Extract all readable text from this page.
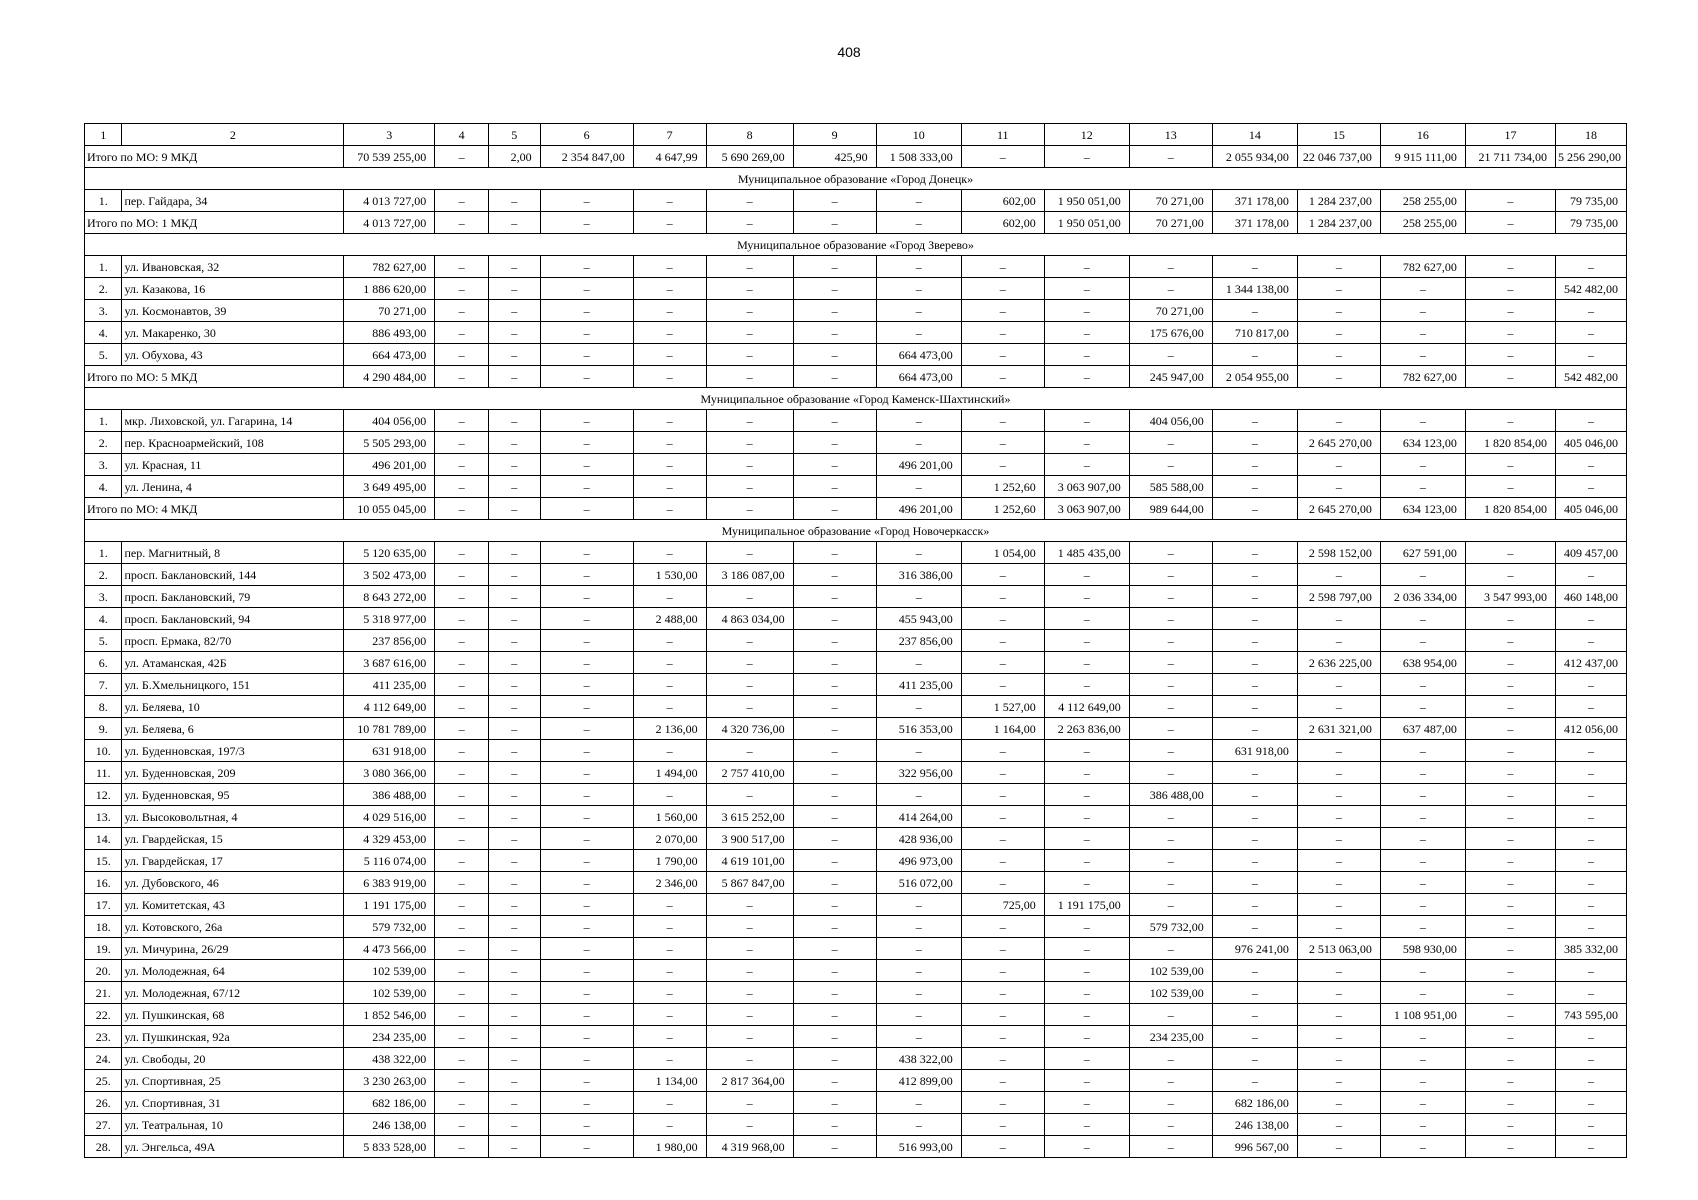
408
1	2	3	4	5	6	7	8	9	10	11	12	13	14	15	16	17	18
Итого по МО: 9 МКД		70 539 255,00	–	2,00	2 354 847,00	4 647,99	5 690 269,00	425,90	1 508 333,00	–	–	–	2 055 934,00	22 046 737,00	9 915 111,00	21 711 734,00	5 256 290,00
Муниципальное образование «Город Донецк»																	
1.	пер. Гайдара, 34	4 013 727,00	–	–	–	–	–	–	–	602,00	1 950 051,00	70 271,00	371 178,00	1 284 237,00	258 255,00	–	79 735,00
Итого по МО: 1 МКД		4 013 727,00	–	–	–	–	–	–	–	602,00	1 950 051,00	70 271,00	371 178,00	1 284 237,00	258 255,00	–	79 735,00
Муниципальное образование «Город Зверево»																	
1.	ул. Ивановская, 32	782 627,00	–	–	–	–	–	–	–	–	–	–	–	–	782 627,00	–	–
2.	ул. Казакова, 16	1 886 620,00	–	–	–	–	–	–	–	–	–	–	1 344 138,00	–	–	–	542 482,00
3.	ул. Космонавтов, 39	70 271,00	–	–	–	–	–	–	–	–	–	70 271,00	–	–	–	–	–
4.	ул. Макаренко, 30	886 493,00	–	–	–	–	–	–	–	–	–	175 676,00	710 817,00	–	–	–	–
5.	ул. Обухова, 43	664 473,00	–	–	–	–	–	–	664 473,00	–	–	–	–	–	–	–	–
Итого по МО: 5 МКД		4 290 484,00	–	–	–	–	–	–	664 473,00	–	–	245 947,00	2 054 955,00	–	782 627,00	–	542 482,00
Муниципальное образование «Город Каменск-Шахтинский»																	
1.	мкр. Лиховской, ул. Гагарина, 14	404 056,00	–	–	–	–	–	–	–	–	–	404 056,00	–	–	–	–	–
2.	пер. Красноармейский, 108	5 505 293,00	–	–	–	–	–	–	–	–	–	–	–	2 645 270,00	634 123,00	1 820 854,00	405 046,00
3.	ул. Красная, 11	496 201,00	–	–	–	–	–	–	496 201,00	–	–	–	–	–	–	–	–
4.	ул. Ленина, 4	3 649 495,00	–	–	–	–	–	–	–	1 252,60	3 063 907,00	585 588,00	–	–	–	–	–
Итого по МО: 4 МКД		10 055 045,00	–	–	–	–	–	–	496 201,00	1 252,60	3 063 907,00	989 644,00	–	2 645 270,00	634 123,00	1 820 854,00	405 046,00
Муниципальное образование «Город Новочеркасск»																	
1.	пер. Магнитный, 8	5 120 635,00	–	–	–	–	–	–	–	1 054,00	1 485 435,00	–	–	2 598 152,00	627 591,00	–	409 457,00
2.	просп. Баклановский, 144	3 502 473,00	–	–	–	1 530,00	3 186 087,00	–	316 386,00	–	–	–	–	–	–	–	–
3.	просп. Баклановский, 79	8 643 272,00	–	–	–	–	–	–	–	–	–	–	–	2 598 797,00	2 036 334,00	3 547 993,00	460 148,00
4.	просп. Баклановский, 94	5 318 977,00	–	–	–	2 488,00	4 863 034,00	–	455 943,00	–	–	–	–	–	–	–	–
5.	просп. Ермака, 82/70	237 856,00	–	–	–	–	–	–	237 856,00	–	–	–	–	–	–	–	–
6.	ул. Атаманская, 42Б	3 687 616,00	–	–	–	–	–	–	–	–	–	–	–	2 636 225,00	638 954,00	–	412 437,00
7.	ул. Б.Хмельницкого, 151	411 235,00	–	–	–	–	–	–	411 235,00	–	–	–	–	–	–	–	–
8.	ул. Беляева, 10	4 112 649,00	–	–	–	–	–	–	–	1 527,00	4 112 649,00	–	–	–	–	–	–
9.	ул. Беляева, 6	10 781 789,00	–	–	–	2 136,00	4 320 736,00	–	516 353,00	1 164,00	2 263 836,00	–	–	2 631 321,00	637 487,00	–	412 056,00
10.	ул. Буденновская, 197/3	631 918,00	–	–	–	–	–	–	–	–	–	–	631 918,00	–	–	–	–
11.	ул. Буденновская, 209	3 080 366,00	–	–	–	1 494,00	2 757 410,00	–	322 956,00	–	–	–	–	–	–	–	–
12.	ул. Буденновская, 95	386 488,00	–	–	–	–	–	–	–	–	–	386 488,00	–	–	–	–	–
13.	ул. Высоковольтная, 4	4 029 516,00	–	–	–	1 560,00	3 615 252,00	–	414 264,00	–	–	–	–	–	–	–	–
14.	ул. Гвардейская, 15	4 329 453,00	–	–	–	2 070,00	3 900 517,00	–	428 936,00	–	–	–	–	–	–	–	–
15.	ул. Гвардейская, 17	5 116 074,00	–	–	–	1 790,00	4 619 101,00	–	496 973,00	–	–	–	–	–	–	–	–
16.	ул. Дубовского, 46	6 383 919,00	–	–	–	2 346,00	5 867 847,00	–	516 072,00	–	–	–	–	–	–	–	–
17.	ул. Комитетская, 43	1 191 175,00	–	–	–	–	–	–	–	725,00	1 191 175,00	–	–	–	–	–	–
18.	ул. Котовского, 26а	579 732,00	–	–	–	–	–	–	–	–	–	579 732,00	–	–	–	–	–
19.	ул. Мичурина, 26/29	4 473 566,00	–	–	–	–	–	–	–	–	–	–	976 241,00	2 513 063,00	598 930,00	–	385 332,00
20.	ул. Молодежная, 64	102 539,00	–	–	–	–	–	–	–	–	–	102 539,00	–	–	–	–	–
21.	ул. Молодежная, 67/12	102 539,00	–	–	–	–	–	–	–	–	–	102 539,00	–	–	–	–	–
22.	ул. Пушкинская, 68	1 852 546,00	–	–	–	–	–	–	–	–	–	–	–	–	1 108 951,00	–	743 595,00
23.	ул. Пушкинская, 92а	234 235,00	–	–	–	–	–	–	–	–	–	234 235,00	–	–	–	–	–
24.	ул. Свободы, 20	438 322,00	–	–	–	–	–	–	438 322,00	–	–	–	–	–	–	–	–
25.	ул. Спортивная, 25	3 230 263,00	–	–	–	1 134,00	2 817 364,00	–	412 899,00	–	–	–	–	–	–	–	–
26.	ул. Спортивная, 31	682 186,00	–	–	–	–	–	–	–	–	–	–	682 186,00	–	–	–	–
27.	ул. Театральная, 10	246 138,00	–	–	–	–	–	–	–	–	–	–	246 138,00	–	–	–	–
28.	ул. Энгельса, 49А	5 833 528,00	–	–	–	1 980,00	4 319 968,00	–	516 993,00	–	–	–	996 567,00	–	–	–	–
